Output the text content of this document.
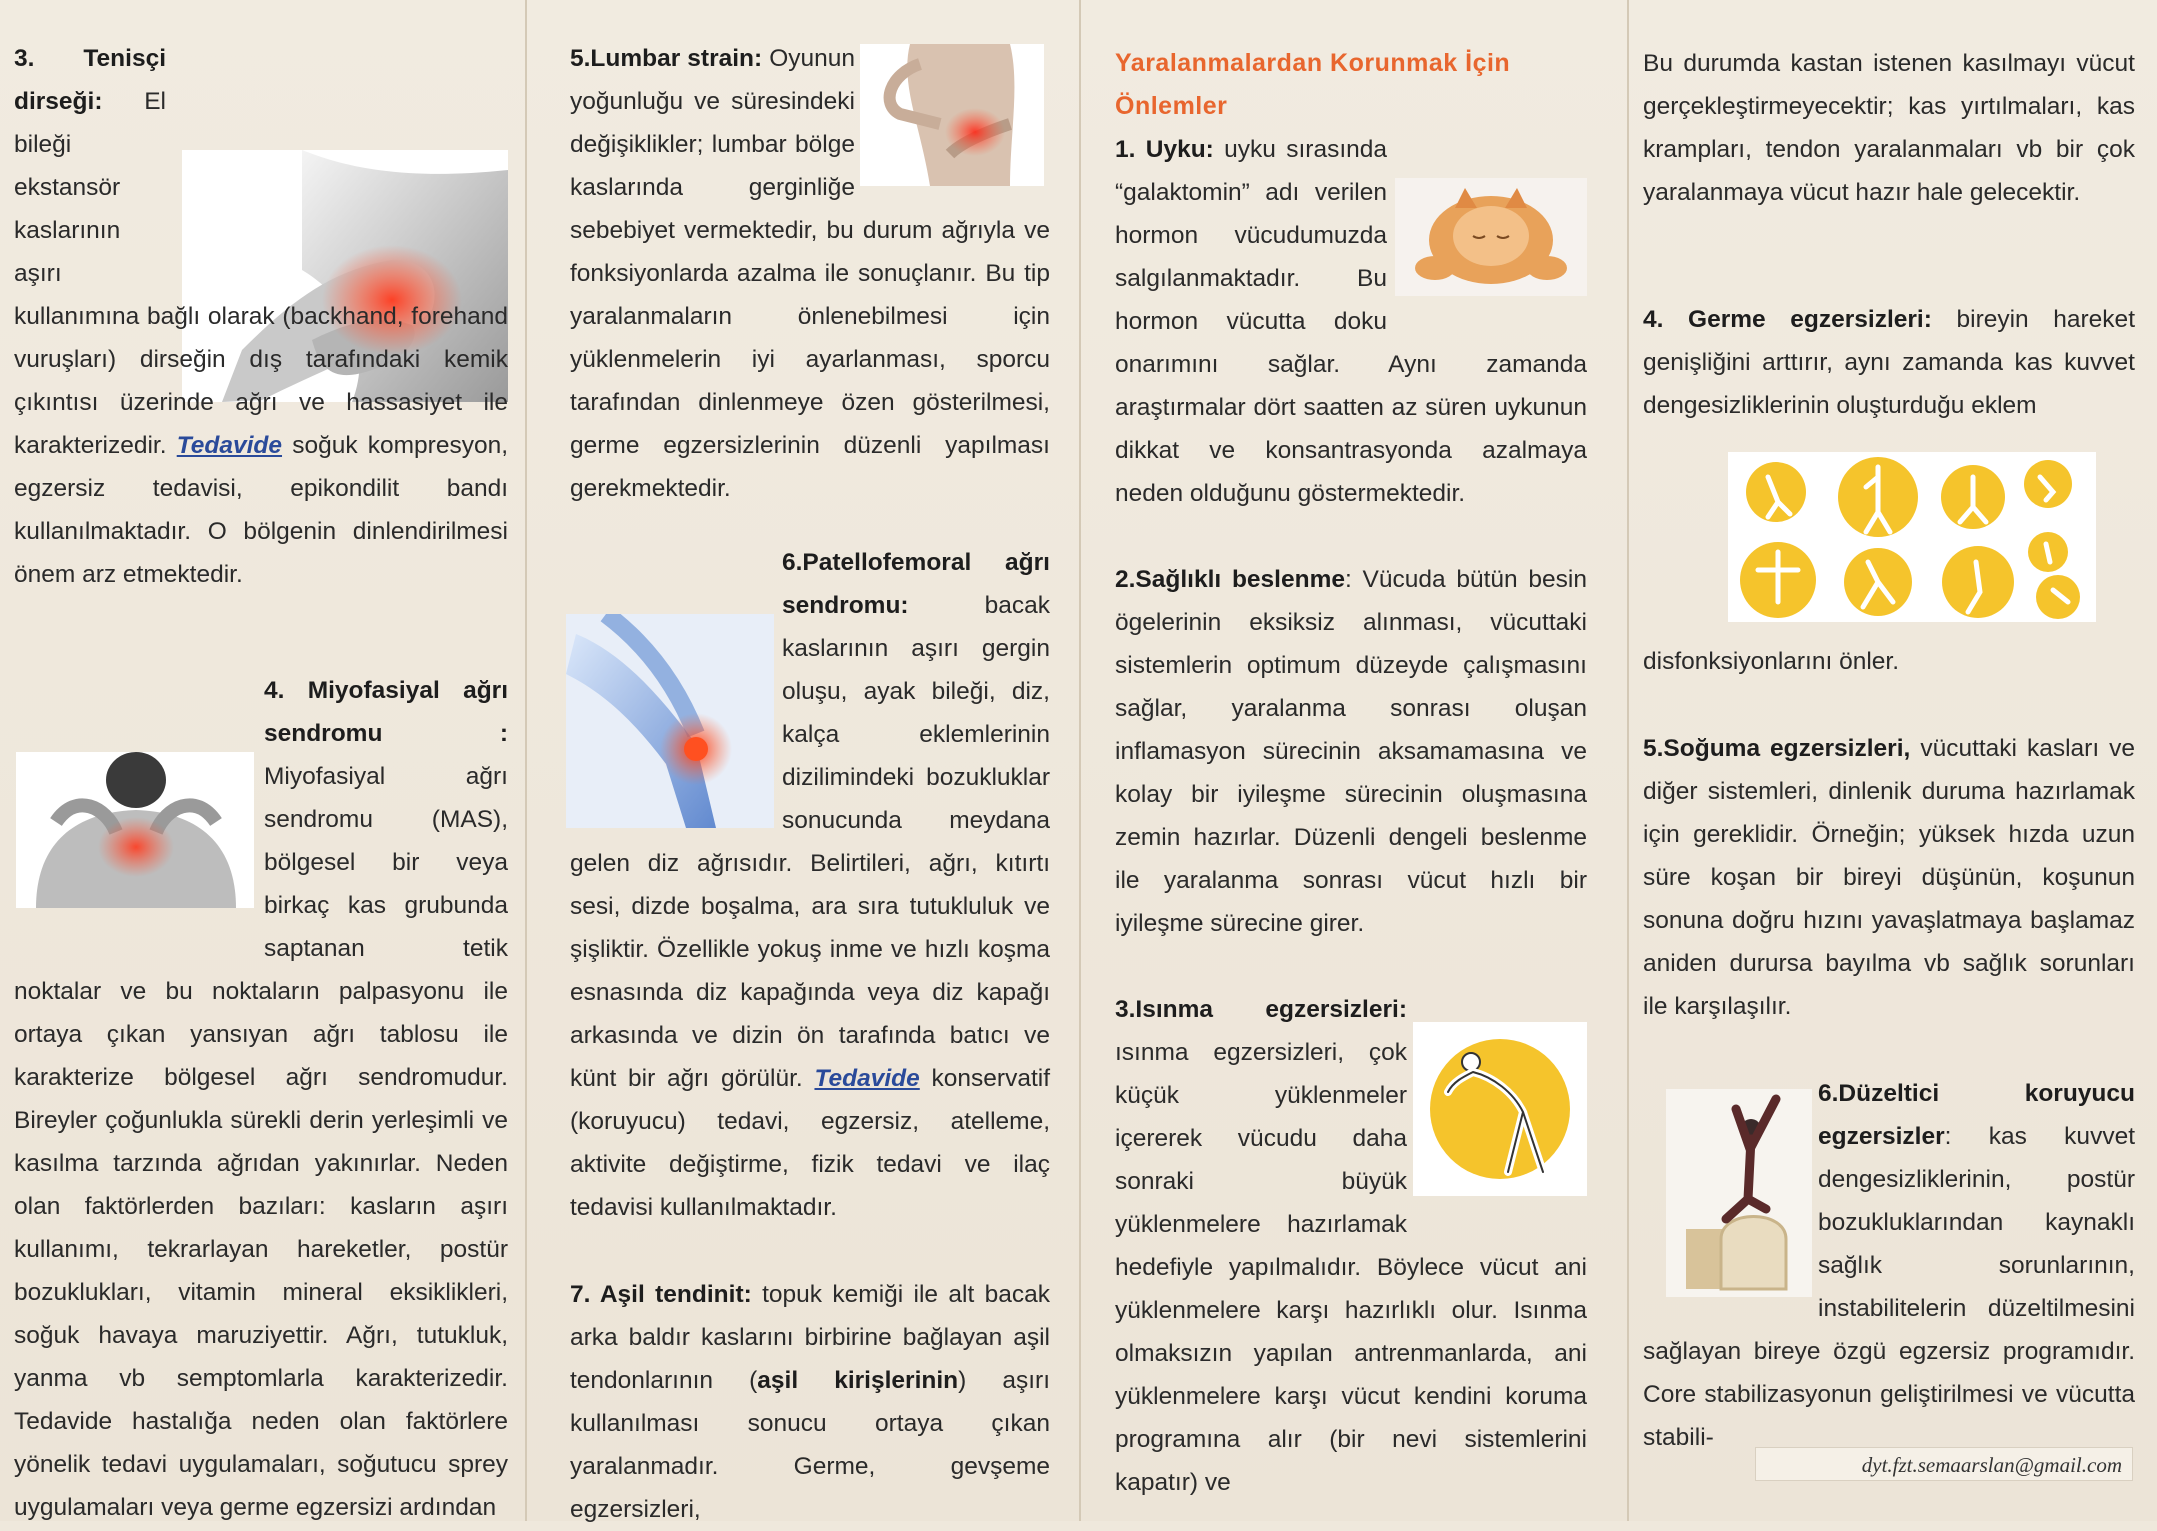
3. Tenisçi dirseği: El bileği ekstansör kaslarının aşırı kullanımına bağlı olarak (backhand, forehand vuruşları) dirseğin dış tarafındaki kemik çıkıntısı üzerinde ağrı ve hassasiyet ile karakterizedir. Tedavide soğuk kompresyon, egzersiz tedavisi, epikondilit bandı kullanılmaktadır. O bölgenin dinlendirilmesi önem arz etmektedir.

4. Miyofasiyal ağrı sendromu : Miyofasiyal ağrı sendromu (MAS), bölgesel bir veya birkaç kas grubunda saptanan tetik noktalar ve bu noktaların palpasyonu ile ortaya çıkan yansıyan ağrı tablosu ile karakterize bölgesel ağrı sendromudur. Bireyler çoğunlukla sürekli derin yerleşimli ve kasılma tarzında ağrıdan yakınırlar. Neden olan faktörlerden bazıları: kasların aşırı kullanımı, tekrarlayan hareketler, postür bozuklukları, vitamin mineral eksiklikleri, soğuk havaya maruziyettir. Ağrı, tutukluk, yanma vb semptomlarla karakterizedir. Tedavide hastalığa neden olan faktörlere yönelik tedavi uygulamaları, soğutucu sprey uygulamaları veya germe egzersizi ardından

5.Lumbar strain: Oyunun yoğunluğu ve süresindeki değişiklikler; lumbar bölge kaslarında gerginliğe sebebiyet vermektedir, bu durum ağrıyla ve fonksiyonlarda azalma ile sonuçlanır. Bu tip yaralanmaların önlenebilmesi için yüklenmelerin iyi ayarlanması, sporcu tarafından dinlenmeye özen gösterilmesi, germe egzersizlerinin düzenli yapılması gerekmektedir.

6.Patellofemoral ağrı sendromu:	bacak kaslarının aşırı gergin oluşu, ayak bileği, diz, kalça eklemlerinin dizilimindeki bozukluklar sonucunda meydana gelen diz ağrısıdır. Belirtileri, ağrı, kıtırtı sesi, dizde boşalma, ara sıra tutukluluk ve şişliktir. Özellikle yokuş inme ve hızlı koşma esnasında diz kapağında veya diz kapağı arkasında ve dizin ön tarafında batıcı ve künt bir ağrı görülür. Tedavide konservatif (koruyucu) tedavi, egzersiz, atelleme, aktivite değiştirme, fizik tedavi ve ilaç tedavisi kullanılmaktadır.

7. Aşil tendinit: topuk kemiği ile alt bacak arka baldır kaslarını birbirine bağlayan aşil tendonlarının (aşil kirişlerinin) aşırı kullanılması sonucu ortaya çıkan yaralanmadır. Germe, gevşeme egzersizleri,

Yaralanmalardan Korunmak İçin Önlemler

1. Uyku: uyku sırasında “galaktomin” adı verilen hormon vücudumuzda salgılanmaktadır. Bu hormon vücutta doku onarımını sağlar. Aynı zamanda araştırmalar dört saatten az süren uykunun dikkat ve konsantrasyonda azalmaya neden olduğunu göstermektedir.

2.Sağlıklı beslenme: Vücuda bütün besin ögelerinin eksiksiz alınması, vücuttaki sistemlerin optimum düzeyde çalışmasını sağlar, yaralanma sonrası oluşan inflamasyon sürecinin aksamamasına ve kolay bir iyileşme sürecinin oluşmasına zemin hazırlar. Düzenli dengeli beslenme ile yaralanma sonrası vücut hızlı bir iyileşme sürecine girer.

3.Isınma egzersizleri: ısınma egzersizleri, çok küçük yüklenmeler içererek vücudu daha sonraki büyük yüklenmelere hazırlamak hedefiyle yapılmalıdır. Böylece vücut ani yüklenmelere karşı hazırlıklı olur. Isınma olmaksızın yapılan antrenmanlarda, ani yüklenmelere karşı vücut kendini koruma programına alır (bir nevi sistemlerini kapatır) ve

Bu durumda kastan istenen kasılmayı vücut gerçekleştirmeyecektir; kas yırtılmaları, kas krampları, tendon yaralanmaları vb bir çok yaralanmaya vücut hazır hale gelecektir.

4. Germe egzersizleri: bireyin hareket genişliğini arttırır, aynı zamanda kas kuvvet dengesizliklerinin oluşturduğu eklem

disfonksiyonlarını önler.

5.Soğuma egzersizleri, vücuttaki kasları ve diğer sistemleri, dinlenik duruma hazırlamak için gereklidir. Örneğin; yüksek hızda uzun süre koşan bir bireyi düşünün, koşunun sonuna doğru hızını yavaşlatmaya başlamaz aniden durursa bayılma vb sağlık sorunları ile karşılaşılır.

6.Düzeltici koruyucu egzersizler: kas kuvvet dengesizliklerinin, postür bozukluklarından kaynaklı sağlık sorunlarının, instabilitelerin düzeltilmesini sağlayan bireye özgü egzersiz programıdır. Core stabilizasyonun geliştirilmesi ve vücutta stabili-

dyt.fzt.semaarslan@gmail.com
